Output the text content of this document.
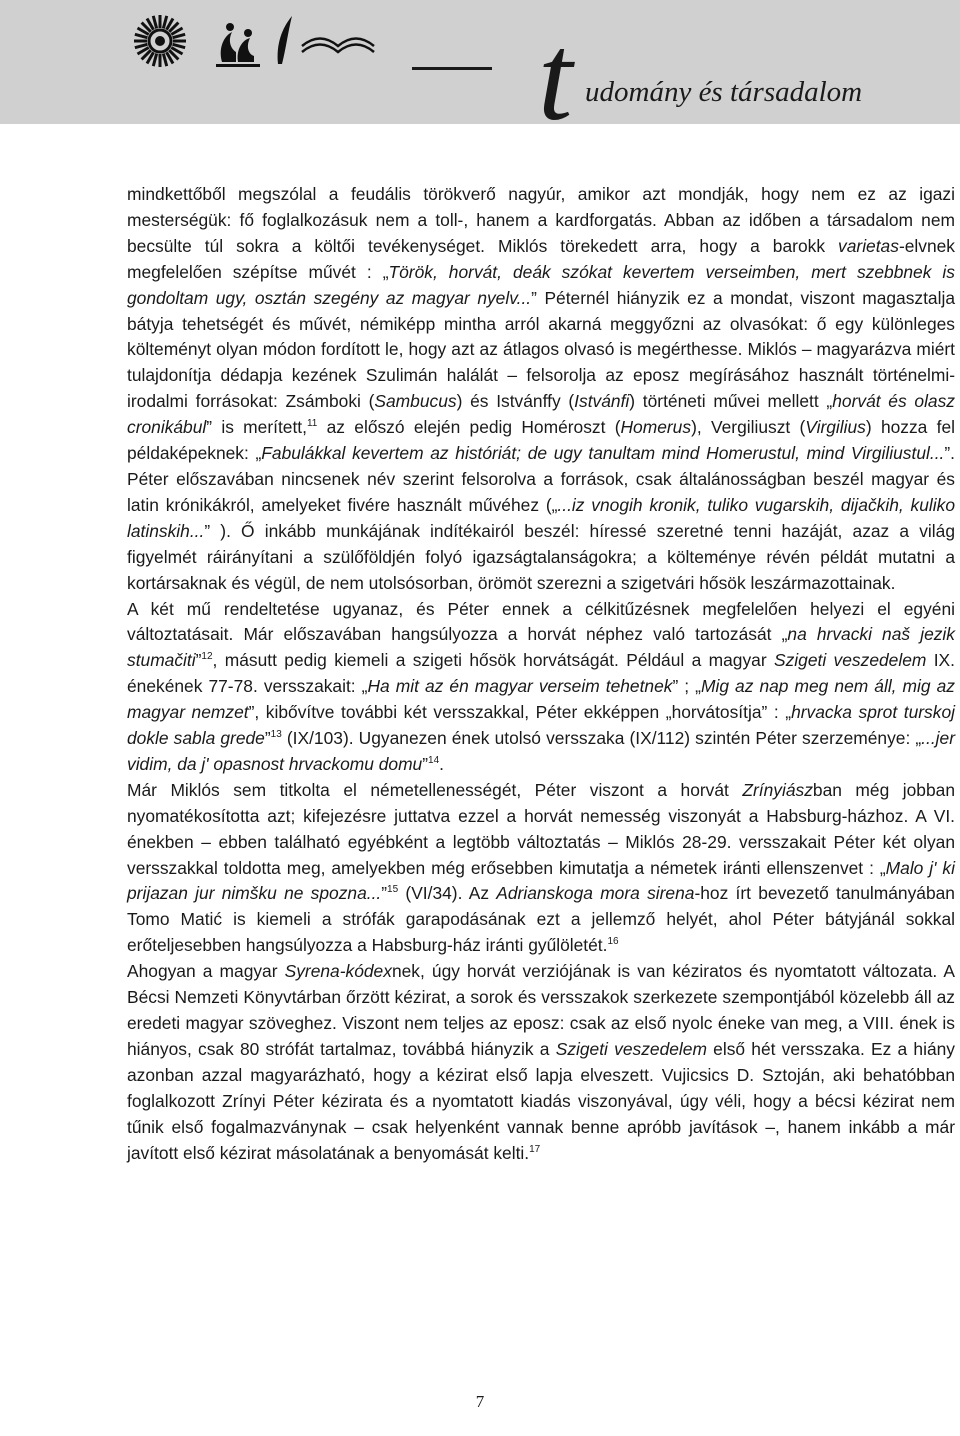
t udomány és társadalom

mindkettőből megszólal a feudális törökverő nagyúr, amikor azt mondják, hogy nem ez az igazi mesterségük: fő foglalkozásuk nem a toll-, hanem a kardforgatás. Abban az időben a társadalom nem becsülte túl sokra a költői tevékenységet. Miklós törekedett arra, hogy a barokk varietas-elvnek megfelelően szépítse művét : „Török, horvát, deák szókat kevertem verseimben, mert szebbnek is gondoltam ugy, osztán szegény az magyar nyelv...” Péternél hiányzik ez a mondat, viszont magasztalja bátyja tehetségét és művét, némiképp mintha arról akarná meggyőzni az olvasókat: ő egy különleges költeményt olyan módon fordított le, hogy azt az átlagos olvasó is megérthesse. Miklós – magyarázva miért tulajdonítja dédapja kezének Szulimán halálát – felsorolja az eposz megírásához használt történelmi-irodalmi forrásokat: Zsámboki (Sambucus) és Istvánffy (Istvánfi) történeti művei mellett „horvát és olasz cronikábul” is merített,$^{11}$ az előszó elején pedig Homéroszt (Homerus), Vergiliuszt (Virgilius) hozza fel példaképeknek: „Fabulákkal kevertem az históriát; de ugy tanultam mind Homerustul, mind Virgiliustul...”. Péter előszavában nincsenek név szerint felsorolva a források, csak általánosságban beszél magyar és latin krónikákról, amelyeket fivére használt művéhez („...iz vnogih kronik, tuliko vugarskih, dijačkih, kuliko latinskih...” ). Ő inkább munkájának indítékairól beszél: híressé szeretné tenni hazáját, azaz a világ figyelmét ráirányítani a szülőföldjén folyó igazságtalanságokra; a költeménye révén példát mutatni a kortársaknak és végül, de nem utolsósorban, örömöt szerezni a szigetvári hősök leszármazottainak.

A két mű rendeltetése ugyanaz, és Péter ennek a célkitűzésnek megfelelően helyezi el egyéni változtatásait. Már előszavában hangsúlyozza a horvát néphez való tartozását „na hrvacki naš jezik stumačiti”$^{12}$, másutt pedig kiemeli a szigeti hősök horvátságát. Például a magyar Szigeti veszedelem IX. énekének 77-78. versszakait: „Ha mit az én magyar verseim tehetnek” ; „Mig az nap meg nem áll, mig az magyar nemzet”, kibővítve további két versszakkal, Péter ekképpen „horvátosítja” : „hrvacka sprot turskoj dokle sabla grede”$^{13}$ (IX/103). Ugyanezen ének utolsó versszaka (IX/112) szintén Péter szerzeménye: „...jer vidim, da j' opasnost hrvackomu domu”$^{14}$.

Már Miklós sem titkolta el németellenességét, Péter viszont a horvát Zrínyiászban még jobban nyomatékosította azt; kifejezésre juttatva ezzel a horvát nemesség viszonyát a Habsburg-házhoz. A VI. énekben – ebben található egyébként a legtöbb változtatás – Miklós 28-29. versszakait Péter két olyan versszakkal toldotta meg, amelyekben még erősebben kimutatja a németek iránti ellenszenvet : „Malo j' ki prijazan jur nimšku ne spozna...”$^{15}$ (VI/34). Az Adrianskoga mora sirena-hoz írt bevezető tanulmányában Tomo Matić is kiemeli a strófák garapodásának ezt a jellemző helyét, ahol Péter bátyjánál sokkal erőteljesebben hangsúlyozza a Habsburg-ház iránti gyűlöletét.$^{16}$

Ahogyan a magyar Syrena-kódexnek, úgy horvát verziójának is van kéziratos és nyomtatott változata. A Bécsi Nemzeti Könyvtárban őrzött kézirat, a sorok és versszakok szerkezete szempontjából közelebb áll az eredeti magyar szöveghez. Viszont nem teljes az eposz: csak az első nyolc éneke van meg, a VIII. ének is hiányos, csak 80 strófát tartalmaz, továbbá hiányzik a Szigeti veszedelem első hét versszaka. Ez a hiány azonban azzal magyarázható, hogy a kézirat első lapja elveszett. Vujicsics D. Sztoján, aki behatóbban foglalkozott Zrínyi Péter kézirata és a nyomtatott kiadás viszonyával, úgy véli, hogy a bécsi kézirat nem tűnik első fogalmazványnak – csak helyenként vannak benne apróbb javítások –, hanem inkább a már javított első kézirat másolatának a benyomását kelti.$^{17}$

7
